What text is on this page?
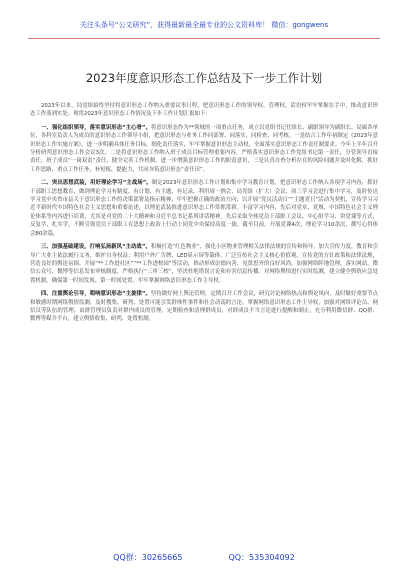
关注头条号“公文研究”，获得最新最全最专业的公文资料库！ 微信：gongwens
2023年度意识形态工作总结及下一步工作计划

2023年以来，局党组始终坚持将意识形态工作纳入重要议事日程，把意识形态工作的领导权、管理权、话语权牢牢掌握在手中，推动意识形态工作落到实处。现将2023年意识形态工作情况及下步工作计划汇报如下：

一、强化组织领导，落实意识形态“主心骨”。将意识形态作为**领域的一项重点任务，成立以党组书记任组长、副职领导为副组长、局属各单位、各科室负责人为成员的意识形态工作领导小组，把意识形态与业务工作同部署、同落实、同检查、同考核。一是结合工作年初制定《2023年意识形态工作实施方案》，进一步明确具体任务目标，细化责任落实，牢牢掌握意识形态主动权，全面落实意识形态工作责任制要求。今年上半年召开分析研判意识形态工作会议3次，二是将意识形态工作纳入班子成员目标管理重要内容，严格落实意识形态工作党组书记第一责任，分管领导直接责任，班子成员“一岗双责”责任，健全完善工作机制，进一步增强意识形态工作的职责意识，三是认真自查分析存在的风险问题并及时化解，抓好工作思路、重点工作任务、补短板、提能力，共同夯筑意识形态“责任田”。

二、突出思想武装，用好理论学习“主战场”。制定2023年意识形态工作计划和集中学习教育计划，把意识形态工作纳入各项学习内容，抓好干部职工思想教育，做到理论学习有制度、有计划、有主题、有记录。利用周一例会、局党组（扩大）会议、周三学习会进行集中学习，及时传达学习党中央省市县关于意识形态工作的决策部署及指示精神，牢牢把握正确的政治方向；以开展“党员活动日”“主题党日”活动为契机，宣传学习习近平新时代中国特色社会主义思想和重要论述，以理论武装推进意识形态工作常抓常新。丰富学习内容，先后对党章、党规、中国特色社会主义理论体系等内容进行培训，尤其是对党的二十大精神和习近平总书记系列讲话精神，先后采取全体党员干部职工会议、中心组学习、讲党课等方式，反复学，扎实学，不断引领党员干部职工在思想上政治上行动上同党中央保持高度一致。截至目前，开展党课4次，理论学习10余次，撰写心得体会80余篇。

三、加强基础建设，打响弘扬新风“主动战”。积极打造“红色物业”，强化小区物业管理相关法律法规的宣传和指导，加大宣传力度，教育和引导广大业主依法履行义务，维护自身权益；利用户外广告牌、LED显示屏等载体，广泛宣传社会主义核心价值观，宣传党的方针政策和法律法规，营造良好的舆论氛围。开展“**工作进社区”“**工作进校园”等活动，推动形成崇德向善、见贤思齐的良好风尚。加强网络阵地管理，落实网站、微信公众号、微博等信息发布审核制度，严格执行“三审三校”，坚决杜绝错误言论和有害信息传播。对网络舆情进行实时监测，建立健全舆情应急处置机制，确保第一时间发现、第一时间处置，牢牢掌握网络意识形态工作主导权。

四、注重舆论引导，唱响意识形态“主旋律”。坚持做好网上舆论管理，定期召开工作会议，研究讨论网络热点和舆论风向，及时做好重要节点和敏感时期网络舆情监测，及时搜集、研判、处置可能引发群体性事件和社会动荡的言论。掌握网络意识形态工作主导权，加强对网络评论员、网信员等队伍的管理，由群管理员负责对群内成员的管理，定期检查和清理群成员，对群成员不当言论进行提醒和制止，充分利用微信群、QQ群、微博等媒介平台，建立舆情收集、研判、处置机制。

QQ群：30265665	QQ：535304092
